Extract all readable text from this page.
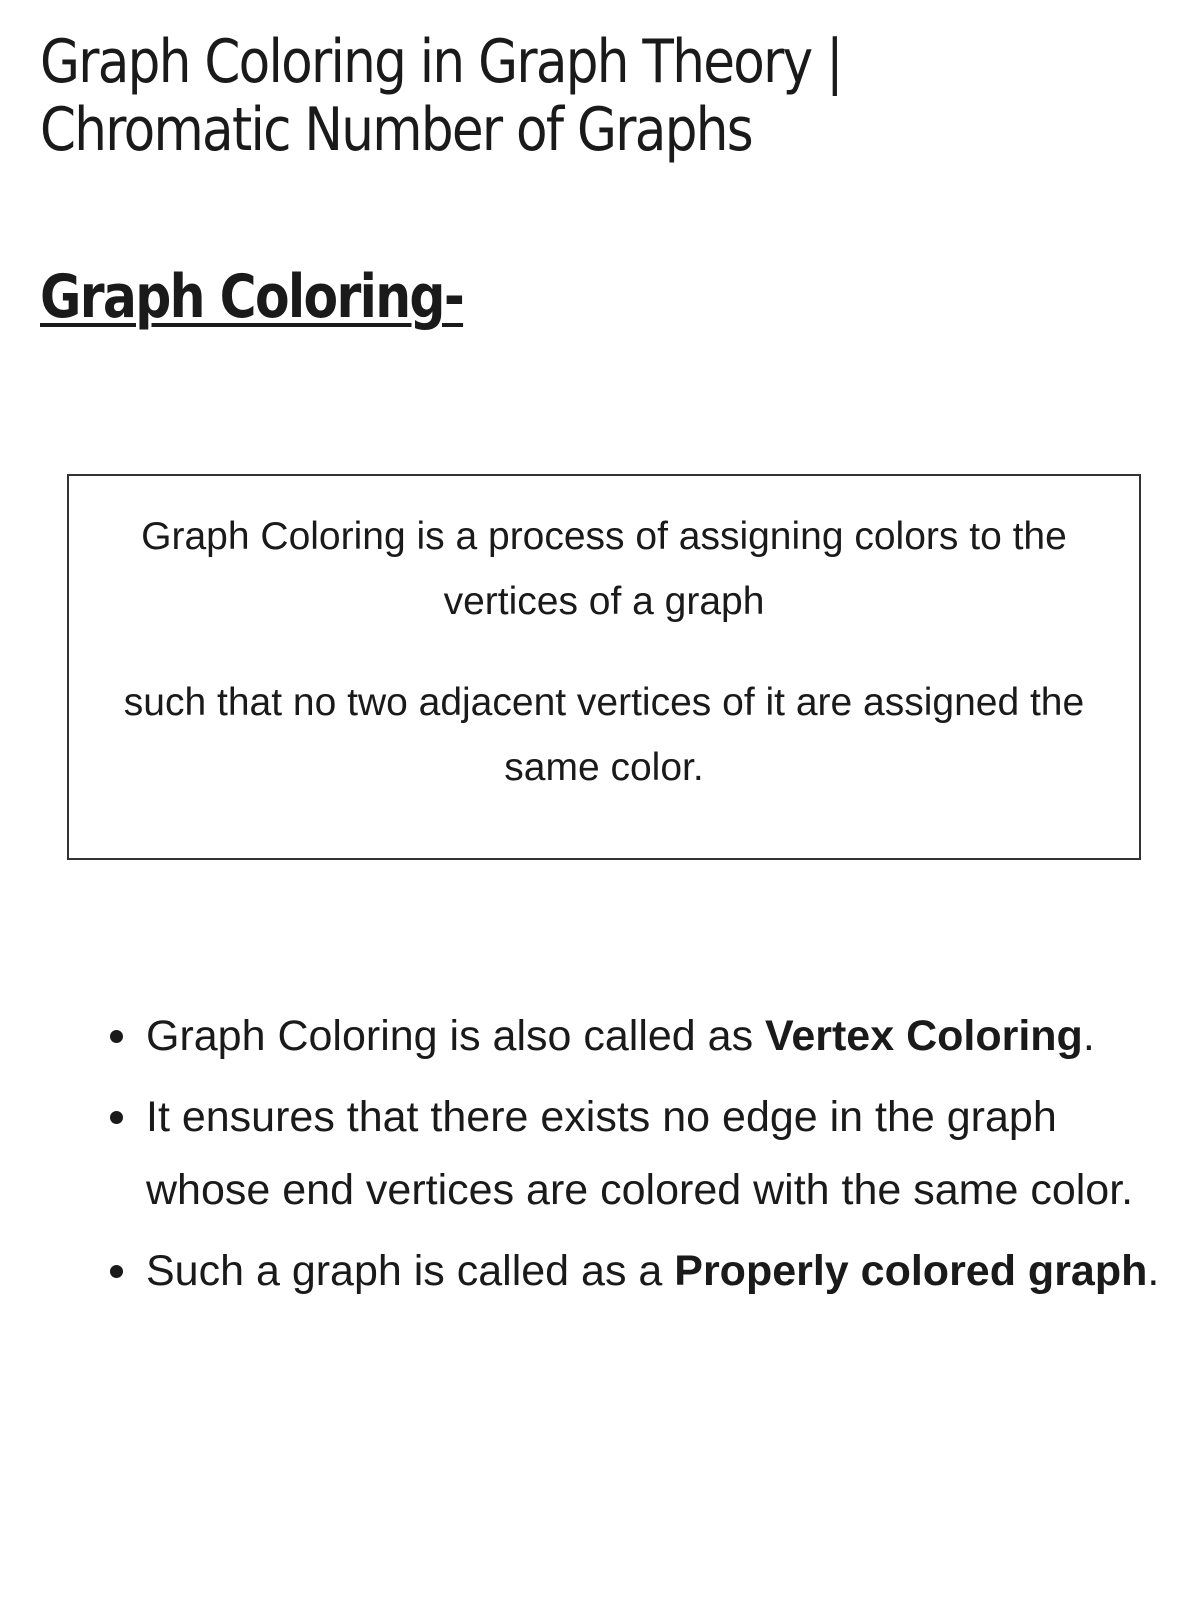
Graph Coloring in Graph Theory |
Chromatic Number of Graphs
Graph Coloring-

Graph Coloring is a process of assigning colors to the vertices of a graph

such that no two adjacent vertices of it are assigned the same color.

Graph Coloring is also called as Vertex Coloring.
It ensures that there exists no edge in the graph whose end vertices are colored with the same color.
Such a graph is called as a Properly colored graph.
